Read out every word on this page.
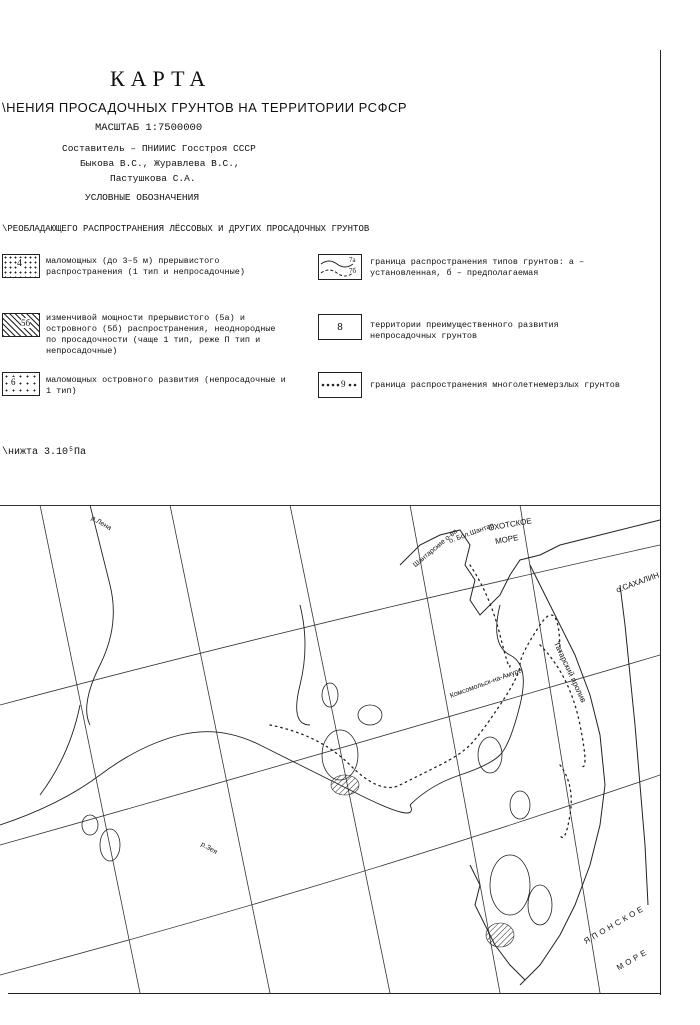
КАРТА
\НЕНИЯ ПРОСАДОЧНЫХ ГРУНТОВ НА ТЕРРИТОРИИ РСФСР
МАСШТАБ 1:7500000
Составитель – ПНИИИС Госстроя СССР
Быкова В.С., Журавлева В.С.,
Пастушкова С.А.
УСЛОВНЫЕ ОБОЗНАЧЕНИЯ
\РЕОБЛАДАЮЩЕГО РАСПРОСТРАНЕНИЯ ЛЁССОВЫХ И ДРУГИХ ПРОСАДОЧНЫХ ГРУНТОВ
4	маломощных (до 3–5 м) прерывистого распространения (1 тип и непросадочные)
5б изменчивой мощности прерывистого (5а) и островного (5б) распространения, неоднородные по просадочности (чаще 1 тип, реже П тип и непросадочные)
6	маломощных островного развития (непросадочные и 1 тип)
7а
7б
граница распространения типов грунтов: а – установленная, б – предполагаемая
8	территории преимущественного развития непросадочных грунтов
9	граница распространения многолетнемерзлых грунтов
\нижта 3.10⁵Па
ОХОТСКОЕ
МОРЕ
о.САХАЛИН
Татарский пролив
Комсомольск-на-Амуре
Шантарские о-ва
о. Бол.Шантар
ЯПОНСКОЕ
МОРЕ
р.Зея
р.Лена
